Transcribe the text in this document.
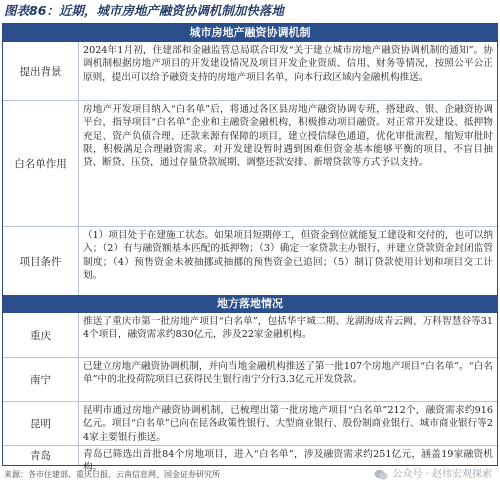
图表86：近期，城市房地产融资协调机制加快落地
城市房地产融资协调机制
提出背景
2024年1月初，住建部和金融监管总局联合印发“关于建立城市房地产融资协调机制的通知”。协调机制根据房地产项目的开发建设情况及项目开发企业资质、信用、财务等情况，按照公平公正原则，提出可以给予融资支持的房地产项目名单，向本行政区域内金融机构推送。
白名单作用
房地产开发项目纳入“白名单”后，将通过各区县房地产融资协调专班，搭建政、银、企融资协调平台，指导项目“白名单”企业和主融资金融机构，积极推动项目融资。对正常开发建设、抵押物充足、资产负债合理、还款来源有保障的项目，建立授信绿色通道，优化审批流程，缩短审批时限，积极满足合理融资需求。对开发建设暂时遇到困难但资金基本能够平衡的项目，不盲目抽贷、断贷、压贷，通过存量贷款展期、调整还款安排、新增贷款等方式予以支持。
项目条件
（1）项目处于在建施工状态。如果项目短期停工，但资金到位就能复工建设和交付的，也可以纳入；（2）有与融资额基本匹配的抵押物；（3）确定一家贷款主办银行，并建立贷款资金封闭监管制度；（4）预售资金未被抽挪或抽挪的预售资金已追回；（5）制订贷款使用计划和项目交工计划。
地方落地情况
重庆
推送了重庆市第一批房地产项目“白名单”，包括华宇城二期、龙湖海成青云阙、万科智慧谷等314个项目，融资需求约830亿元，涉及22家金融机构。
南宁
已建立房地产融资协调机制，并向当地金融机构推送了第一批107个房地产项目“白名单”。“白名单”中的北投荷院项目已获得民生银行南宁分行3.3亿元开发贷款。
昆明
昆明市通过房地产融资协调机制，已梳理出第一批房地产项目“白名单”212个，融资需求约916亿元。项目“白名单”已向在昆各政策性银行、大型商业银行、股份制商业银行、城市商业银行等24家主要银行推送。
青岛	青岛已筛选出首批84个房地项目，进入“白名单”，涉及融资需求约251亿元，涵盖19家融资机构。
来源：各市住建部、重庆日报、云南信息网、国金证券研究所	公众号 · 赵伟宏观探索
